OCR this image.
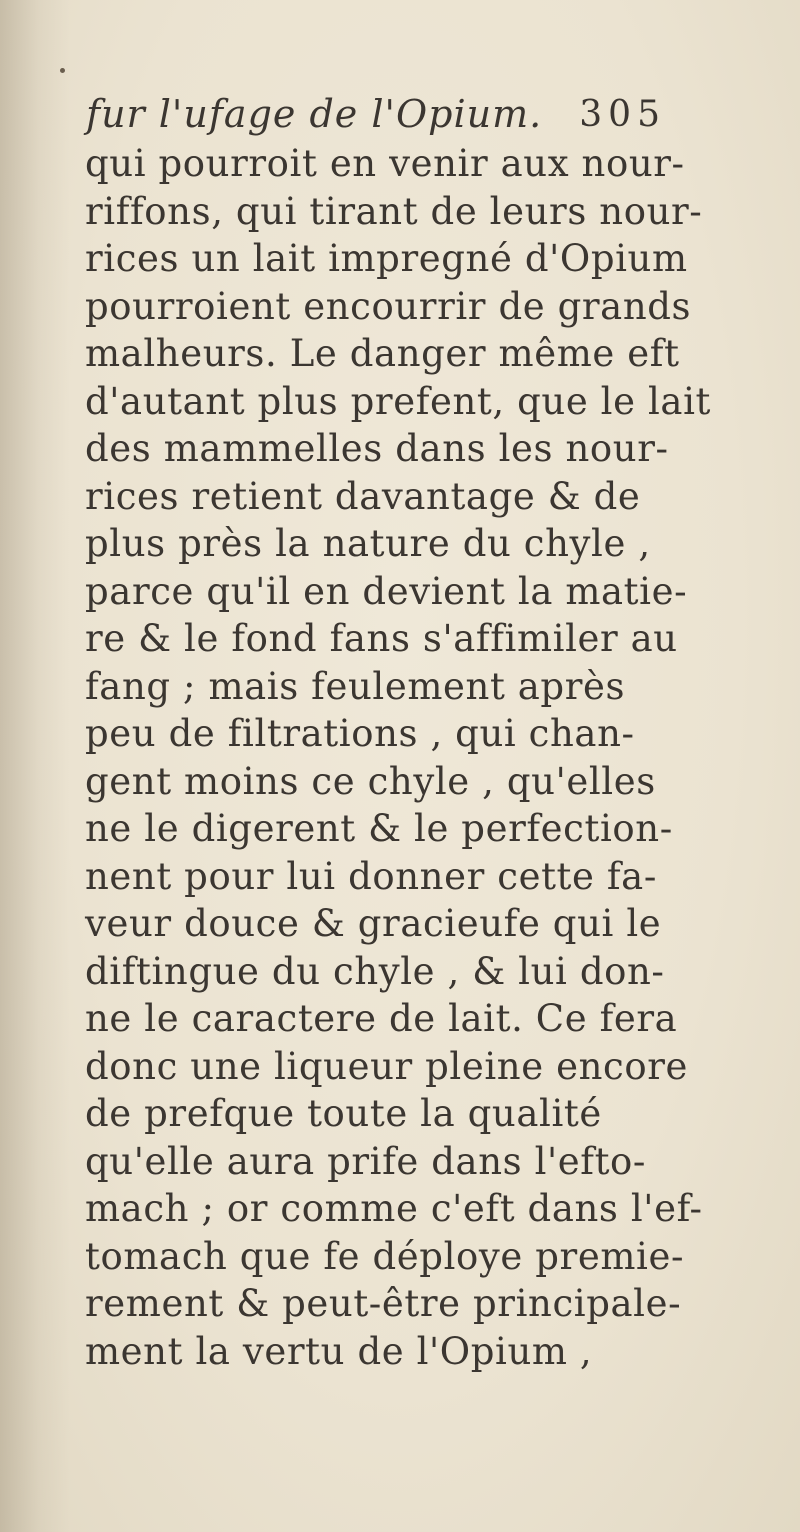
fur l'ufage de l'Opium. 305
qui pourroit en venir aux nour-
riffons, qui tirant de leurs nour-
rices un lait impregné d'Opium
pourroient encourrir de grands
malheurs. Le danger même eft
d'autant plus prefent, que le lait
des mammelles dans les nour-
rices retient davantage & de
plus près la nature du chyle ,
parce qu'il en devient la matie-
re & le fond fans s'affimiler au
fang ; mais feulement après
peu de filtrations , qui chan-
gent moins ce chyle , qu'elles
ne le digerent & le perfection-
nent pour lui donner cette fa-
veur douce & gracieufe qui le
diftingue du chyle , & lui don-
ne le caractere de lait. Ce fera
donc une liqueur pleine encore
de prefque toute la qualité
qu'elle aura prife dans l'efto-
mach ; or comme c'eft dans l'ef-
tomach que fe déploye premie-
rement & peut-être principale-
ment la vertu de l'Opium ,
